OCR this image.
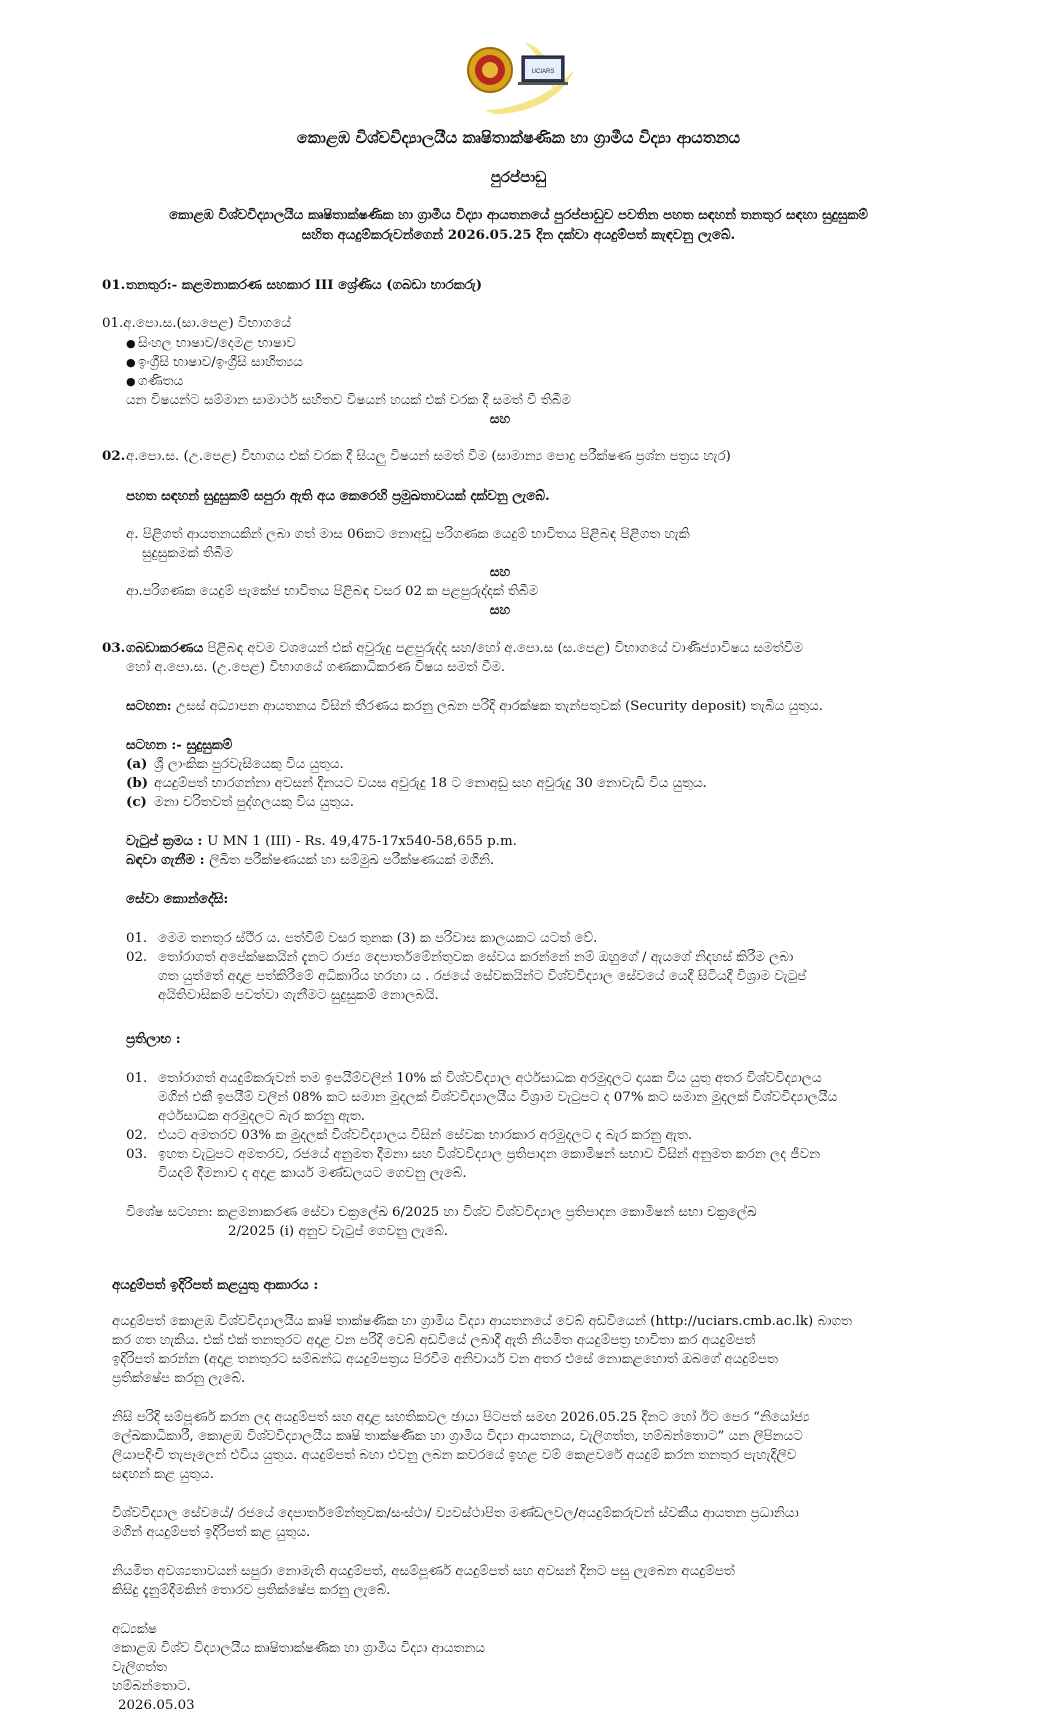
UCIARS
කොළඹ විශ්වවිද්‍යාලයීය කෘෂිතාක්ෂණික හා ග්‍රාමීය විද්‍යා ආයතනය
පුරප්පාඩු
කොළඹ විශ්වවිද්‍යාලයීය කෘෂිතාක්ෂණික හා ග්‍රාමීය විද්‍යා ආයතනයේ පුරප්පාඩුව පවතින පහත සඳහන් තනතුර සඳහා සුදුසුකම්
සහිත අයදුම්කරුවන්ගෙන් 2026.05.25 දින දක්වා අයදුම්පත් කැඳවනු ලැබේ.
01. තනතුර:- කළමනාකරණ සහකාර III ශ්‍රේණිය (ගබඩා භාරකරු)
01.අ.පො.ස.(සා.පෙළ) විභාගයේ
● සිංහල භාෂාව/දෙමළ භාෂාව
● ඉංග්‍රීසි භාෂාව/ඉංග්‍රීසි සාහිත්‍යය
● ගණිතය
යන විෂයන්ට සම්මාන සාමාර්ථ සහිතව විෂයන් හයක් එක් වරක දී සමත් වී තිබීම
සහ
02. අ.පො.ස. (උ.පෙළ) විභාගය එක් වරක දී සියලු විෂයන් සමත් වීම (සාමාන්‍ය පොදු පරීක්ෂණ ප්‍රශ්න පත්‍රය හැර)
පහත සඳහන් සුදුසුකම් සපුරා ඇති අය කෙරෙහි ප්‍රමුඛතාවයක් දක්වනු ලැබේ.
අ. පිළිගත් ආයතනයකින් ලබා ගත් මාස 06කට නොඅඩු පරිගණක යෙදුම් භාවිතය පිළිබඳ පිළිගත හැකි
සුදුසුකමක් තිබීම
සහ
ආ.පරිගණක යෙදුම් පැකේජ භාවිතය පිළිබඳ වසර 02 ක පළපුරුද්දක් තිබීම
සහ
03. ගබඩාකරණය පිළිබඳ අවම වශයෙන් එක් අවුරුදු පළපුරුද්ද සහ/හෝ අ.පො.ස (ස.පෙළ) විභාගයේ වාණිජ්‍යාවිෂය සමත්වීම
හෝ අ.පො.ස. (උ.පෙළ) විභාගයේ ගණකාධිකරණ විෂය සමත් වීම.
සටහන: උසස් අධ්‍යාපන ආයතනය විසින් තීරණය කරනු ලබන පරිදි ආරක්ෂක තැන්පතුවක් (Security deposit) තැබිය යුතුය.
සටහන :- සුදුසුකම්
(a) ශ්‍රී ලාංකික පුරවැසියෙකු විය යුතුය.
(b) අයදුම්පත් භාරගන්නා අවසන් දිනයට වයස අවුරුදු 18 ට නොඅඩු සහ අවුරුදු 30 නොවැඩි විය යුතුය.
(c) මනා චරිතවත් පුද්ගලයකු විය යුතුය.
වැටුප් ක්‍රමය : U MN 1 (III) - Rs. 49,475-17x540-58,655 p.m.
බඳවා ගැනීම : ලිඛිත පරීක්ෂණයක් හා සම්මුඛ පරීක්ෂණයක් මගිනි.
සේවා කොන්දේසි:
01. මෙම තනතුර ස්ථිර ය. පත්වීම් වසර තුනක (3) ක පරිවාස කාලයකට යටත් වේ.
02. තෝරාගත් අපේක්ෂකයින් දැනට රාජ්‍ය දෙපාර්තමේන්තුවක සේවය කරන්නේ නම් ඔහුගේ / ඇයගේ නිදහස් කිරීම ලබා
ගත යුත්තේ අදාළ පත්කිරීමේ අධිකාරිය හරහා ය . රජයේ සේවකයින්ට විශ්වවිද්‍යාල සේවයේ යෙදී සිටියදී විශ්‍රාම වැටුප්
අයිතිවාසිකම් පවත්වා ගැනීමට සුදුසුකම් නොලබයි.
ප්‍රතිලාභ :
01. තෝරාගත් අයදුම්කරුවන් තම ඉපයීම්වලින් 10% ක් විශ්වවිද්‍යාල අර්ථසාධක අරමුදලට දායක විය යුතු අතර විශ්වවිද්‍යාලය
මගින් එකී ඉපයීම් වලින් 08% කට සමාන මුදලක් විශ්වවිද්‍යාලයීය විශ්‍රාම වැටුපට ද 07% කට සමාන මුදලක් විශ්වවිද්‍යාලයීය
අර්ථසාධක අරමුදලට බැර කරනු ඇත.
02. එයට අමතරව 03% ක මුදලක් විශ්වවිද්‍යාලය විසින් සේවක භාරකාර අරමුදලට ද බැර කරනු ඇත.
03. ඉහත වැටුපට අමතරව, රජයේ අනුමත දීමනා සහ විශ්වවිද්‍යාල ප්‍රතිපාදන කොමිෂන් සභාව විසින් අනුමත කරන ලද ජීවන
වියදම් දීමනාව ද අදාළ කාර්ය මණ්ඩලයට ගෙවනු ලැබේ.
විශේෂ සටහන: කළමනාකරණ සේවා චක්‍රලේඛ 6/2025 හා විශ්ව විශ්වවිද්‍යාල ප්‍රතිපාදන කොමිෂන් සභා චක්‍රලේඛ
2/2025 (i) අනුව වැටුප් ගෙවනු ලැබේ.
අයදුම්පත් ඉදිරිපත් කළයුතු ආකාරය :
අයදුම්පත් කොළඹ විශ්වවිද්‍යාලයීය කෘෂි තාක්ෂණික හා ග්‍රාමීය විද්‍යා ආයතනයේ වෙබ් අඩවියෙන් (http://uciars.cmb.ac.lk) බාගත
කර ගත හැකිය. එක් එක් තනතුරට අදාළ වන පරිදි වෙබ් අඩවියේ ලබාදී ඇති නියමිත අයදුම්පත්‍ර භාවිතා කර අයදුම්පත්
ඉදිරිපත් කරන්න (අදාළ තනතුරට සම්බන්ධ අයදුම්පත්‍රය පිරවීම අනිවාර්ය වන අතර එසේ නොකළහොත් ඔබගේ අයදුම්පත
ප්‍රතික්ෂේප කරනු ලැබේ.
නිසි පරිදි සම්පූර්ණ කරන ලද අයදුම්පත් සහ අදාළ සහතිකවල ඡායා පිටපත් සමඟ 2026.05.25 දිනට හෝ ඊට පෙර “නියෝජ්‍ය
ලේඛකාධිකාරී, කොළඹ විශ්වවිද්‍යාලයීය කෘෂි තාක්ෂණික හා ග්‍රාමීය විද්‍යා ආයතනය, වැලිගත්ත, හම්බන්තොට” යන ලිපිනයට
ලියාපදිංචි තැපෑලෙන් එවිය යුතුය. අයදුම්පත් බහා එවනු ලබන කවරයේ ඉහළ වම් කෙළවරේ අයදුම් කරන තනතුර පැහැදිලිව
සඳහන් කළ යුතුය.
විශ්වවිද්‍යාල සේවයේ/ රජයේ දෙපාර්තමේන්තුවක/සංස්ථා/ ව්‍යවස්ථාපිත මණ්ඩලවල/අයදුම්කරුවන් ස්වකීය ආයතන ප්‍රධානියා
මගින් අයදුම්පත් ඉදිරිපත් කළ යුතුය.
නියමිත අවශ්‍යතාවයන් සපුරා නොමැති අයදුම්පත්, අසම්පූර්ණ අයදුම්පත් සහ අවසන් දිනට පසු ලැබෙන අයදුම්පත්
කිසිදු දැනුම්දීමකින් තොරව ප්‍රතික්ෂේප කරනු ලැබේ.
අධ්‍යක්ෂ
කොළඹ විශ්ව විද්‍යාලයීය කෘෂිතාක්ෂණික හා ග්‍රාමීය විද්‍යා ආයතනය
වැලිගත්ත
හම්බන්තොට.
2026.05.03
